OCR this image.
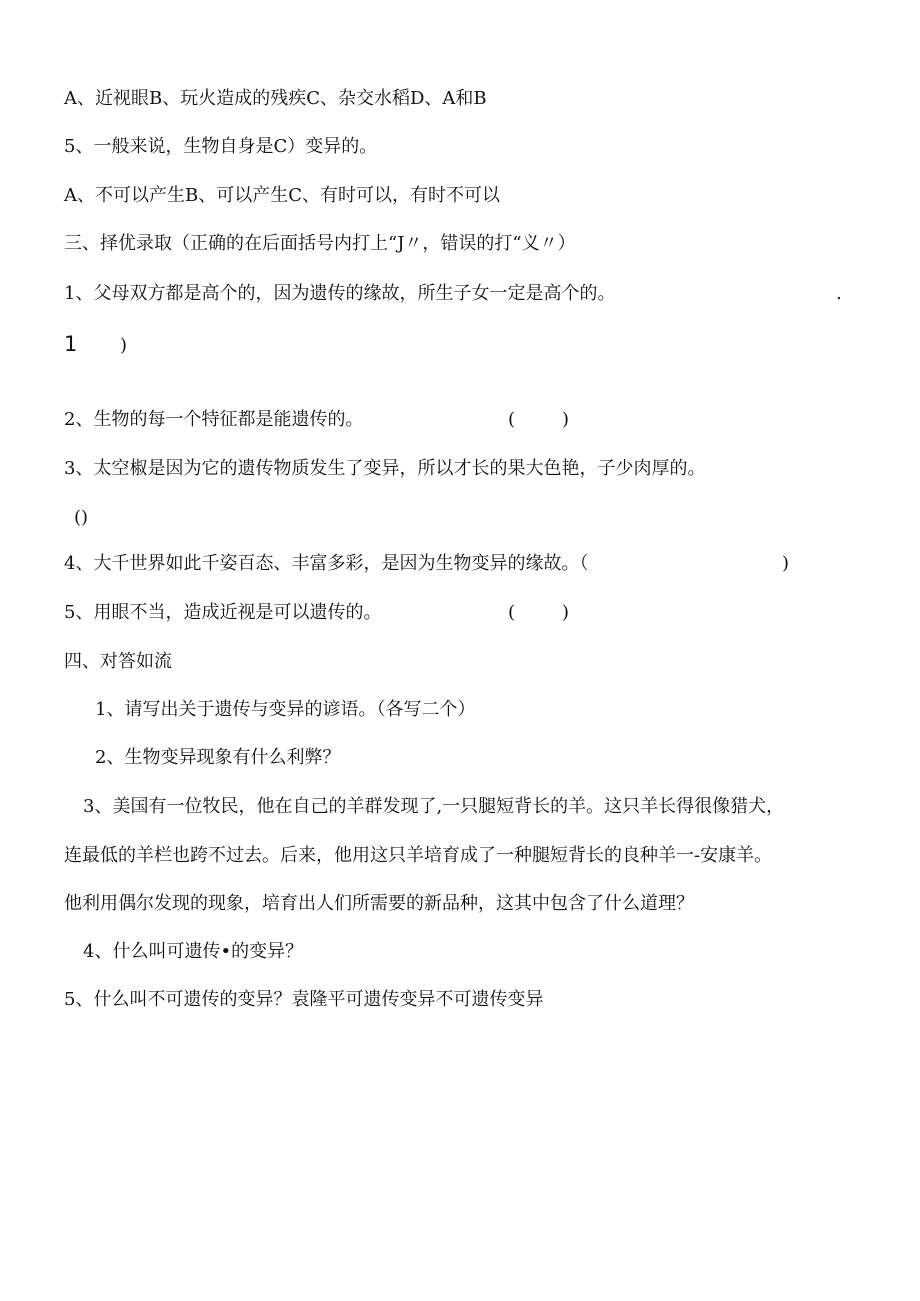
A、近视眼B、玩火造成的残疾C、杂交水稻D、A和B

5、一般来说，生物自身是C）变异的。

A、不可以产生B、可以产生C、有时可以，有时不可以

三、择优录取（正确的在后面括号内打上“J〃，错误的打“义〃）

1、父母双方都是高个的，因为遗传的缘故，所生子女一定是高个的。	.
1 )

2、生物的每一个特征都是能遗传的。	(	)

3、太空椒是因为它的遗传物质发生了变异，所以才长的果大色艳，子少肉厚的。

()

4、大千世界如此千姿百态、丰富多彩，是因为生物变异的缘故。（	)

5、用眼不当，造成近视是可以遗传的。	(	)

四、对答如流

1、请写出关于遗传与变异的谚语。（各写二个）

2、生物变异现象有什么利弊？

3、美国有一位牧民，他在自己的羊群发现了,一只腿短背长的羊。这只羊长得很像猎犬，

连最低的羊栏也跨不过去。后来，他用这只羊培育成了一种腿短背长的良种羊一-安康羊。

他利用偶尔发现的现象，培育出人们所需要的新品种，这其中包含了什么道理？

4、什么叫可遗传•的变异？

5、什么叫不可遗传的变异？袁隆平可遗传变异不可遗传变异
